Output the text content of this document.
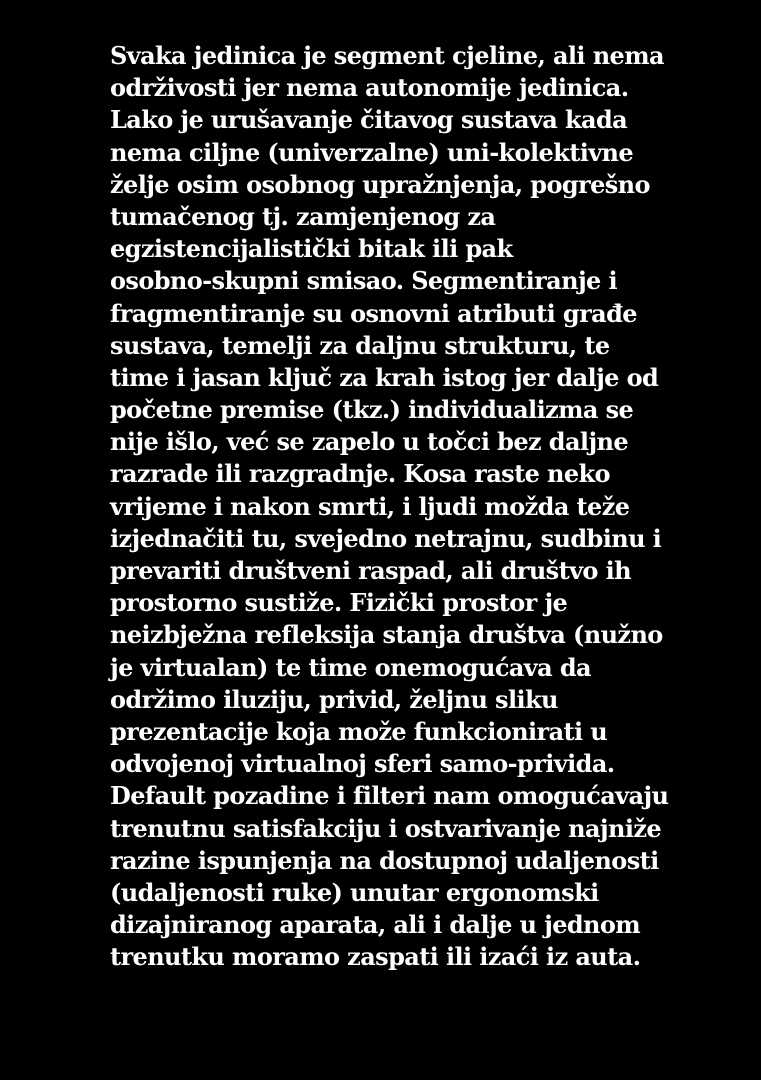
Svaka jedinica je segment cjeline, ali nema
održivosti jer nema autonomije jedinica.
Lako je urušavanje čitavog sustava kada
nema ciljne (univerzalne) uni-kolektivne
želje osim osobnog upražnjenja, pogrešno
tumačenog tj. zamjenjenog za
egzistencijalistički bitak ili pak
osobno-skupni smisao. Segmentiranje i
fragmentiranje su osnovni atributi građe
sustava, temelji za daljnu strukturu, te
time i jasan ključ za krah istog jer dalje od
početne premise (tkz.) individualizma se
nije išlo, već se zapelo u točci bez daljne
razrade ili razgradnje. Kosa raste neko
vrijeme i nakon smrti, i ljudi možda teže
izjednačiti tu, svejedno netrajnu, sudbinu i
prevariti društveni raspad, ali društvo ih
prostorno sustiže. Fizički prostor je
neizbježna refleksija stanja društva (nužno
je virtualan) te time onemogućava da
održimo iluziju, privid, željnu sliku
prezentacije koja može funkcionirati u
odvojenoj virtualnoj sferi samo-privida.
Default pozadine i filteri nam omogućavaju
trenutnu satisfakciju i ostvarivanje najniže
razine ispunjenja na dostupnoj udaljenosti
(udaljenosti ruke) unutar ergonomski
dizajniranog aparata, ali i dalje u jednom
trenutku moramo zaspati ili izaći iz auta.
